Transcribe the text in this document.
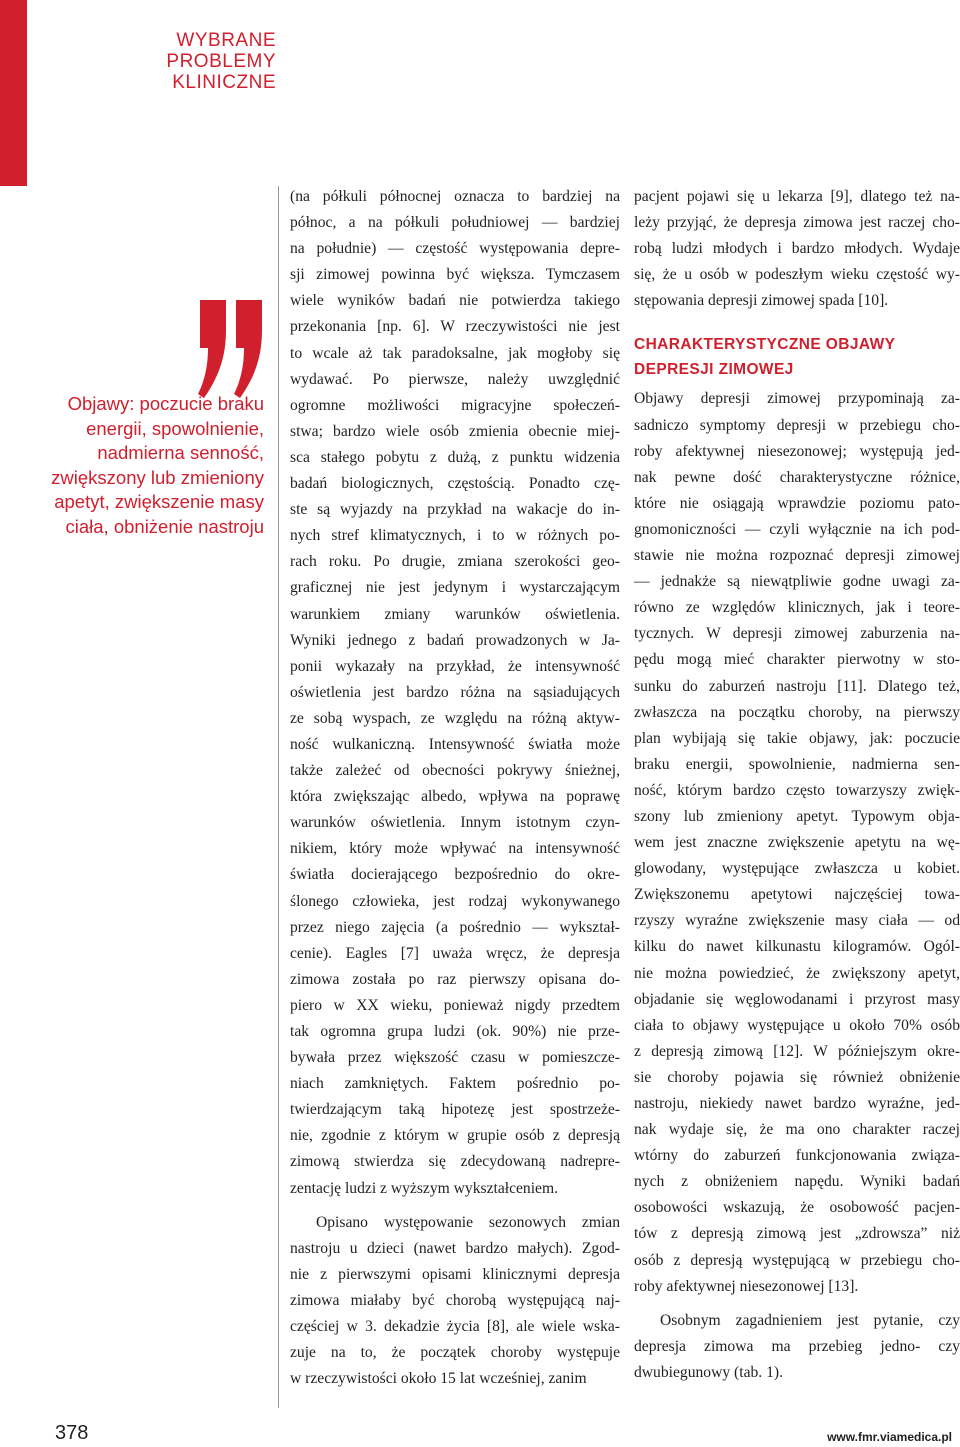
WYBRANE
PROBLEMY
KLINICZNE
Objawy: poczucie braku
energii, spowolnienie,
nadmierna senność,
zwiększony lub zmieniony
apetyt, zwiększenie masy
ciała, obniżenie nastroju
(na półkuli północnej oznacza to bardziej na
północ, a na półkuli południowej — bardziej
na południe) — częstość występowania depre-
sji zimowej powinna być większa. Tymczasem
wiele wyników badań nie potwierdza takiego
przekonania [np. 6]. W rzeczywistości nie jest
to wcale aż tak paradoksalne, jak mogłoby się
wydawać. Po pierwsze, należy uwzględnić
ogromne możliwości migracyjne społeczeń-
stwa; bardzo wiele osób zmienia obecnie miej-
sca stałego pobytu z dużą, z punktu widzenia
badań biologicznych, częstością. Ponadto czę-
ste są wyjazdy na przykład na wakacje do in-
nych stref klimatycznych, i to w różnych po-
rach roku. Po drugie, zmiana szerokości geo-
graficznej nie jest jedynym i wystarczającym
warunkiem zmiany warunków oświetlenia.
Wyniki jednego z badań prowadzonych w Ja-
ponii wykazały na przykład, że intensywność
oświetlenia jest bardzo różna na sąsiadujących
ze sobą wyspach, ze względu na różną aktyw-
ność wulkaniczną. Intensywność światła może
także zależeć od obecności pokrywy śnieżnej,
która zwiększając albedo, wpływa na poprawę
warunków oświetlenia. Innym istotnym czyn-
nikiem, który może wpływać na intensywność
światła docierającego bezpośrednio do okre-
ślonego człowieka, jest rodzaj wykonywanego
przez niego zajęcia (a pośrednio — wykształ-
cenie). Eagles [7] uważa wręcz, że depresja
zimowa została po raz pierwszy opisana do-
piero w XX wieku, ponieważ nigdy przedtem
tak ogromna grupa ludzi (ok. 90%) nie prze-
bywała przez większość czasu w pomieszcze-
niach zamkniętych. Faktem pośrednio po-
twierdzającym taką hipotezę jest spostrzeże-
nie, zgodnie z którym w grupie osób z depresją
zimową stwierdza się zdecydowaną nadrepre-
zentację ludzi z wyższym wykształceniem.
Opisano występowanie sezonowych zmian
nastroju u dzieci (nawet bardzo małych). Zgod-
nie z pierwszymi opisami klinicznymi depresja
zimowa miałaby być chorobą występującą naj-
częściej w 3. dekadzie życia [8], ale wiele wska-
zuje na to, że początek choroby występuje
w rzeczywistości około 15 lat wcześniej, zanim
pacjent pojawi się u lekarza [9], dlatego też na-
leży przyjąć, że depresja zimowa jest raczej cho-
robą ludzi młodych i bardzo młodych. Wydaje
się, że u osób w podeszłym wieku częstość wy-
stępowania depresji zimowej spada [10].
CHARAKTERYSTYCZNE OBJAWY
DEPRESJI ZIMOWEJ
Objawy depresji zimowej przypominają za-
sadniczo symptomy depresji w przebiegu cho-
roby afektywnej niesezonowej; występują jed-
nak pewne dość charakterystyczne różnice,
które nie osiągają wprawdzie poziomu pato-
gnomoniczności — czyli wyłącznie na ich pod-
stawie nie można rozpoznać depresji zimowej
— jednakże są niewątpliwie godne uwagi za-
równo ze względów klinicznych, jak i teore-
tycznych. W depresji zimowej zaburzenia na-
pędu mogą mieć charakter pierwotny w sto-
sunku do zaburzeń nastroju [11]. Dlatego też,
zwłaszcza na początku choroby, na pierwszy
plan wybijają się takie objawy, jak: poczucie
braku energii, spowolnienie, nadmierna sen-
ność, którym bardzo często towarzyszy zwięk-
szony lub zmieniony apetyt. Typowym obja-
wem jest znaczne zwiększenie apetytu na wę-
glowodany, występujące zwłaszcza u kobiet.
Zwiększonemu apetytowi najczęściej towa-
rzyszy wyraźne zwiększenie masy ciała — od
kilku do nawet kilkunastu kilogramów. Ogól-
nie można powiedzieć, że zwiększony apetyt,
objadanie się węglowodanami i przyrost masy
ciała to objawy występujące u około 70% osób
z depresją zimową [12]. W późniejszym okre-
sie choroby pojawia się również obniżenie
nastroju, niekiedy nawet bardzo wyraźne, jed-
nak wydaje się, że ma ono charakter raczej
wtórny do zaburzeń funkcjonowania związa-
nych z obniżeniem napędu. Wyniki badań
osobowości wskazują, że osobowość pacjen-
tów z depresją zimową jest „zdrowsza” niż
osób z depresją występującą w przebiegu cho-
roby afektywnej niesezonowej [13].
Osobnym zagadnieniem jest pytanie, czy
depresja zimowa ma przebieg jedno- czy
dwubiegunowy (tab. 1).
378	www.fmr.viamedica.pl
